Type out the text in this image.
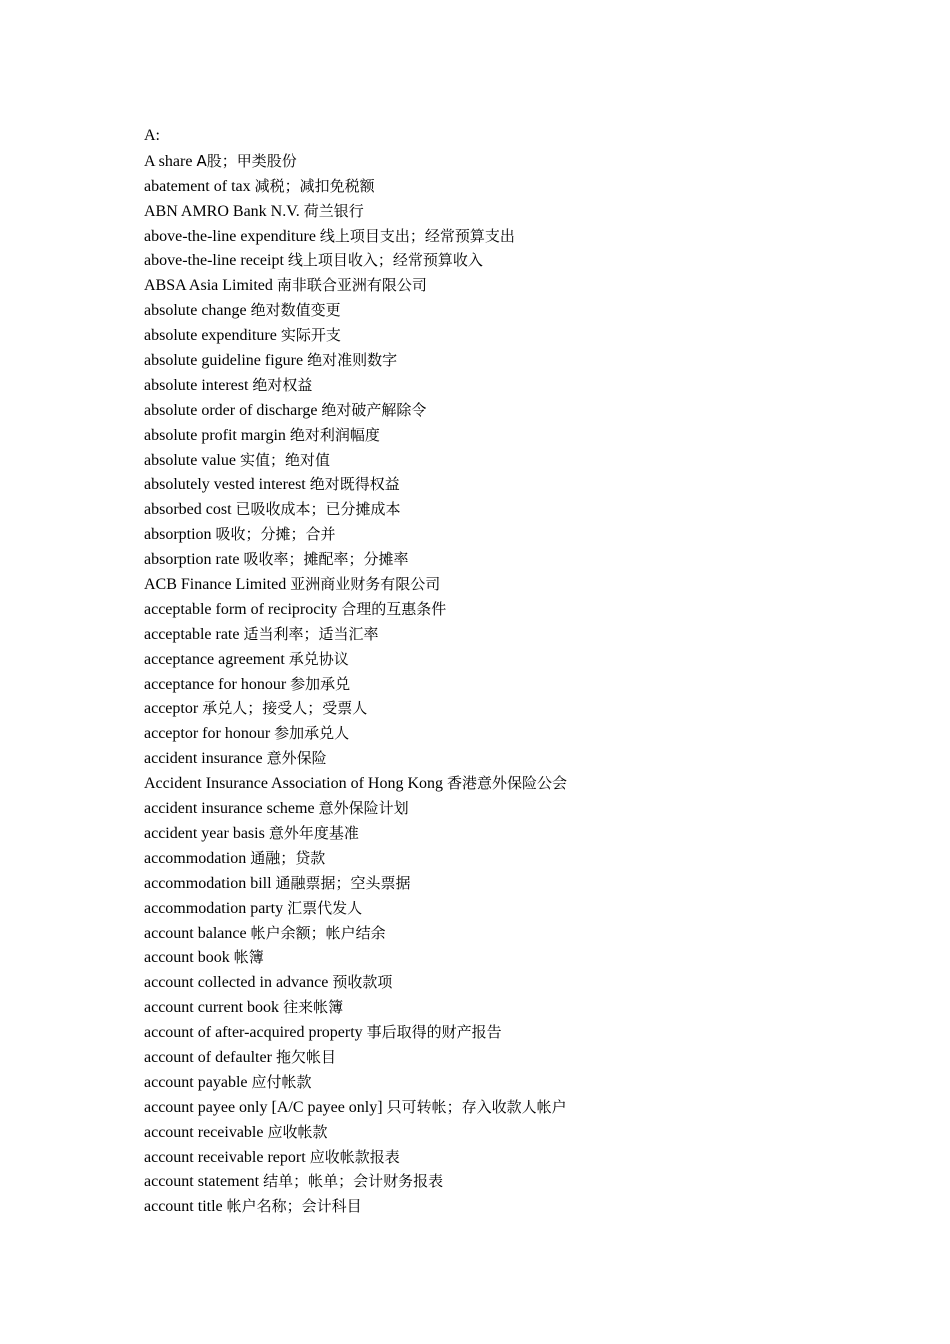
A:
A share A股；甲类股份
abatement of tax 减税；减扣免税额
ABN AMRO Bank N.V. 荷兰银行
above-the-line expenditure 线上项目支出；经常预算支出
above-the-line receipt 线上项目收入；经常预算收入
ABSA Asia Limited 南非联合亚洲有限公司
absolute change 绝对数值变更
absolute expenditure 实际开支
absolute guideline figure 绝对准则数字
absolute interest 绝对权益
absolute order of discharge 绝对破产解除令
absolute profit margin 绝对利润幅度
absolute value 实值；绝对值
absolutely vested interest 绝对既得权益
absorbed cost 已吸收成本；已分摊成本
absorption 吸收；分摊；合并
absorption rate 吸收率；摊配率；分摊率
ACB Finance Limited 亚洲商业财务有限公司
acceptable form of reciprocity 合理的互惠条件
acceptable rate 适当利率；适当汇率
acceptance agreement 承兑协议
acceptance for honour 参加承兑
acceptor 承兑人；接受人；受票人
acceptor for honour 参加承兑人
accident insurance 意外保险
Accident Insurance Association of Hong Kong 香港意外保险公会
accident insurance scheme 意外保险计划
accident year basis 意外年度基准
accommodation 通融；贷款
accommodation bill 通融票据；空头票据
accommodation party 汇票代发人
account balance 帐户余额；帐户结余
account book 帐簿
account collected in advance 预收款项
account current book 往来帐簿
account of after-acquired property 事后取得的财产报告
account of defaulter 拖欠帐目
account payable 应付帐款
account payee only [A/C payee only] 只可转帐；存入收款人帐户
account receivable 应收帐款
account receivable report 应收帐款报表
account statement 结单；帐单；会计财务报表
account title 帐户名称；会计科目
